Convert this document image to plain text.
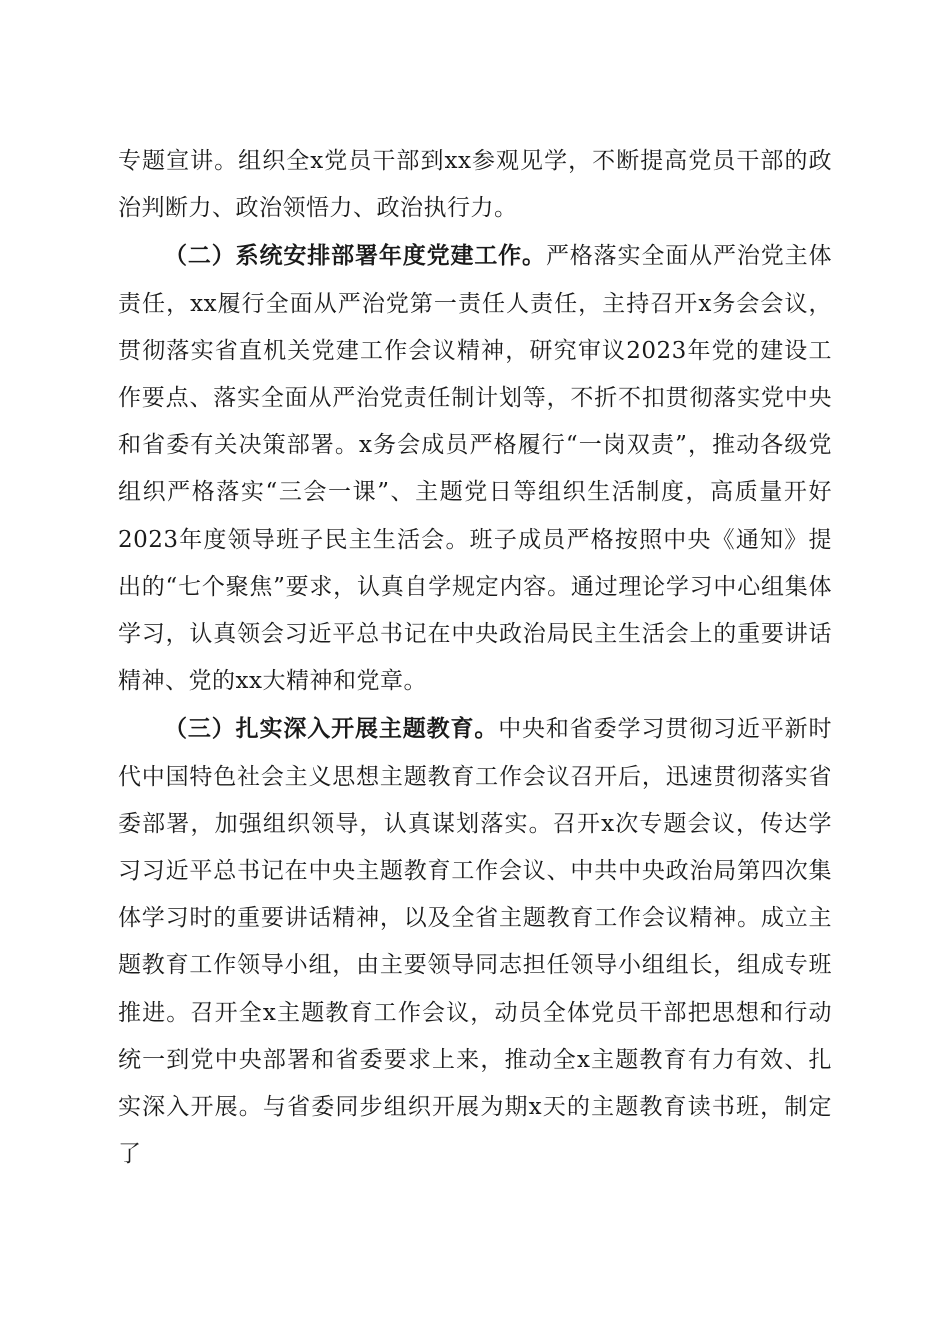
专题宣讲。组织全x党员干部到xx参观见学，不断提高党员干部的政治判断力、政治领悟力、政治执行力。

（二）系统安排部署年度党建工作。严格落实全面从严治党主体责任，xx履行全面从严治党第一责任人责任，主持召开x务会会议，贯彻落实省直机关党建工作会议精神，研究审议2023年党的建设工作要点、落实全面从严治党责任制计划等，不折不扣贯彻落实党中央和省委有关决策部署。x务会成员严格履行“一岗双责”，推动各级党组织严格落实“三会一课”、主题党日等组织生活制度，高质量开好2023年度领导班子民主生活会。班子成员严格按照中央《通知》提出的“七个聚焦”要求，认真自学规定内容。通过理论学习中心组集体学习，认真领会习近平总书记在中央政治局民主生活会上的重要讲话精神、党的xx大精神和党章。

（三）扎实深入开展主题教育。中央和省委学习贯彻习近平新时代中国特色社会主义思想主题教育工作会议召开后，迅速贯彻落实省委部署，加强组织领导，认真谋划落实。召开x次专题会议，传达学习习近平总书记在中央主题教育工作会议、中共中央政治局第四次集体学习时的重要讲话精神，以及全省主题教育工作会议精神。成立主题教育工作领导小组，由主要领导同志担任领导小组组长，组成专班推进。召开全x主题教育工作会议，动员全体党员干部把思想和行动统一到党中央部署和省委要求上来，推动全x主题教育有力有效、扎实深入开展。与省委同步组织开展为期x天的主题教育读书班，制定了
